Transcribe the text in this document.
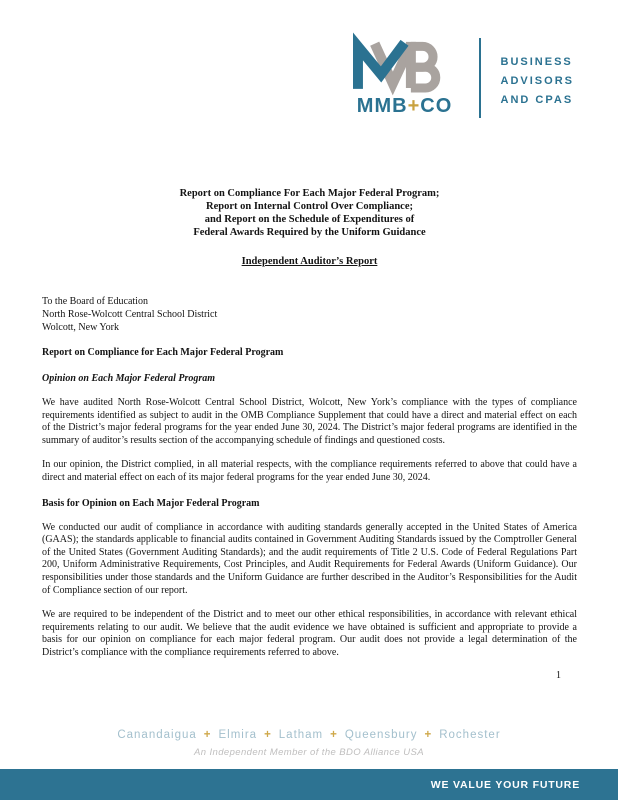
MMB+CO
BUSINESS
ADVISORS
AND CPAS
Report on Compliance For Each Major Federal Program;
Report on Internal Control Over Compliance;
and Report on the Schedule of Expenditures of
Federal Awards Required by the Uniform Guidance
Independent Auditor’s Report
To the Board of Education
North Rose-Wolcott Central School District
Wolcott, New York
Report on Compliance for Each Major Federal Program
Opinion on Each Major Federal Program

We have audited North Rose-Wolcott Central School District, Wolcott, New York’s compliance with the types of compliance requirements identified as subject to audit in the OMB Compliance Supplement that could have a direct and material effect on each of the District’s major federal programs for the year ended June 30, 2024. The District’s major federal programs are identified in the summary of auditor’s results section of the accompanying schedule of findings and questioned costs.

In our opinion, the District complied, in all material respects, with the compliance requirements referred to above that could have a direct and material effect on each of its major federal programs for the year ended June 30, 2024.

Basis for Opinion on Each Major Federal Program

We conducted our audit of compliance in accordance with auditing standards generally accepted in the United States of America (GAAS); the standards applicable to financial audits contained in Government Auditing Standards issued by the Comptroller General of the United States (Government Auditing Standards); and the audit requirements of Title 2 U.S. Code of Federal Regulations Part 200, Uniform Administrative Requirements, Cost Principles, and Audit Requirements for Federal Awards (Uniform Guidance). Our responsibilities under those standards and the Uniform Guidance are further described in the Auditor’s Responsibilities for the Audit of Compliance section of our report.

We are required to be independent of the District and to meet our other ethical responsibilities, in accordance with relevant ethical requirements relating to our audit. We believe that the audit evidence we have obtained is sufficient and appropriate to provide a basis for our opinion on compliance for each major federal program. Our audit does not provide a legal determination of the District’s compliance with the compliance requirements referred to above.

1
Canandaigua + Elmira + Latham + Queensbury + Rochester
An Independent Member of the BDO Alliance USA
WE VALUE YOUR FUTURE
